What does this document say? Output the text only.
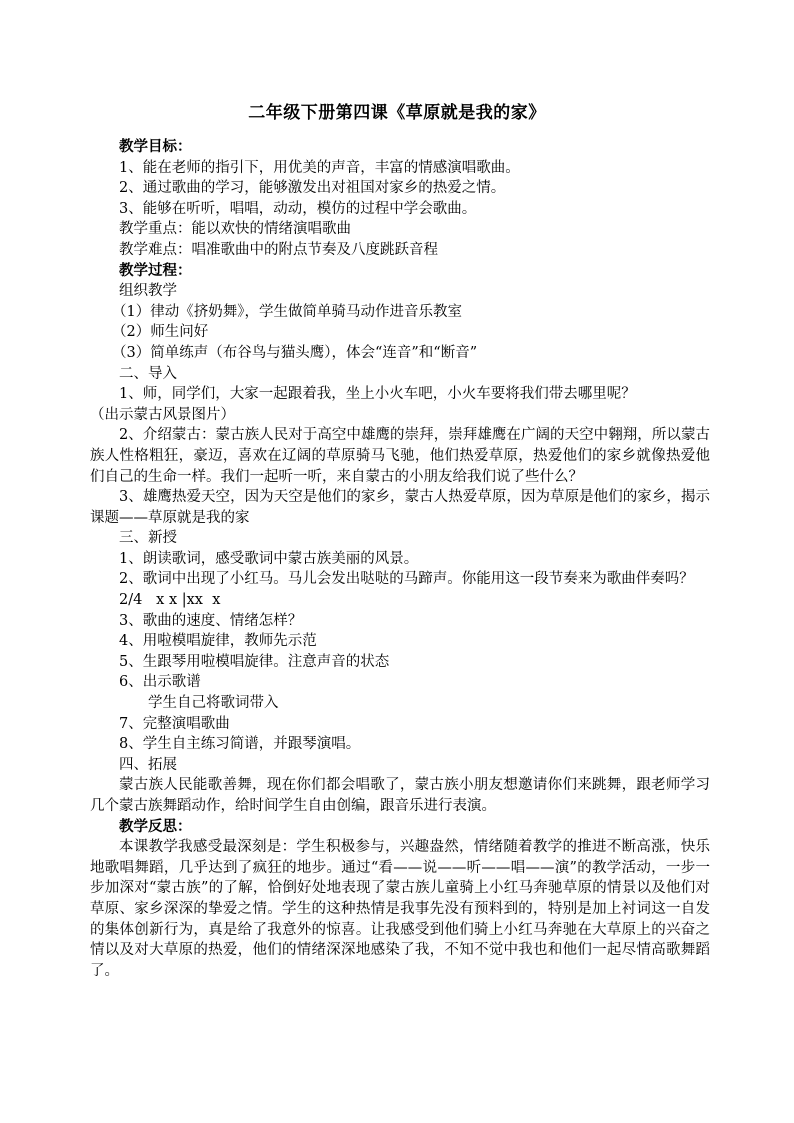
二年级下册第四课《草原就是我的家》
教学目标：
1、能在老师的指引下，用优美的声音，丰富的情感演唱歌曲。
2、通过歌曲的学习，能够激发出对祖国对家乡的热爱之情。
3、能够在听听，唱唱，动动，模仿的过程中学会歌曲。
教学重点：能以欢快的情绪演唱歌曲
教学难点：唱准歌曲中的附点节奏及八度跳跃音程
教学过程：
组织教学
（1）律动《挤奶舞》，学生做简单骑马动作进音乐教室
（2）师生问好
（3）简单练声（布谷鸟与猫头鹰），体会“连音”和“断音”
二、导入
1、师，同学们，大家一起跟着我，坐上小火车吧，小火车要将我们带去哪里呢？
（出示蒙古风景图片）
2、介绍蒙古：蒙古族人民对于高空中雄鹰的崇拜，崇拜雄鹰在广阔的天空中翱翔，所以蒙古族人性格粗狂，豪迈，喜欢在辽阔的草原骑马飞驰，他们热爱草原，热爱他们的家乡就像热爱他们自己的生命一样。我们一起听一听，来自蒙古的小朋友给我们说了些什么？
3、雄鹰热爱天空，因为天空是他们的家乡，蒙古人热爱草原，因为草原是他们的家乡，揭示课题——草原就是我的家
三、新授
1、朗读歌词，感受歌词中蒙古族美丽的风景。
2、歌词中出现了小红马。马儿会发出哒哒的马蹄声。你能用这一段节奏来为歌曲伴奏吗？
2/4   x x |xx  x
3、歌曲的速度、情绪怎样？
4、用啦模唱旋律，教师先示范
5、生跟琴用啦模唱旋律。注意声音的状态
6、出示歌谱
学生自己将歌词带入
7、完整演唱歌曲
8、学生自主练习简谱，并跟琴演唱。
四、拓展
蒙古族人民能歌善舞，现在你们都会唱歌了，蒙古族小朋友想邀请你们来跳舞，跟老师学习几个蒙古族舞蹈动作，给时间学生自由创编，跟音乐进行表演。
教学反思：
本课教学我感受最深刻是：学生积极参与，兴趣盎然，情绪随着教学的推进不断高涨，快乐地歌唱舞蹈，几乎达到了疯狂的地步。通过“看——说——听——唱——演”的教学活动，一步一步加深对“蒙古族”的了解，恰倒好处地表现了蒙古族儿童骑上小红马奔驰草原的情景以及他们对草原、家乡深深的挚爱之情。学生的这种热情是我事先没有预料到的，特别是加上衬词这一自发的集体创新行为，真是给了我意外的惊喜。让我感受到他们骑上小红马奔驰在大草原上的兴奋之情以及对大草原的热爱，他们的情绪深深地感染了我，不知不觉中我也和他们一起尽情高歌舞蹈了。
